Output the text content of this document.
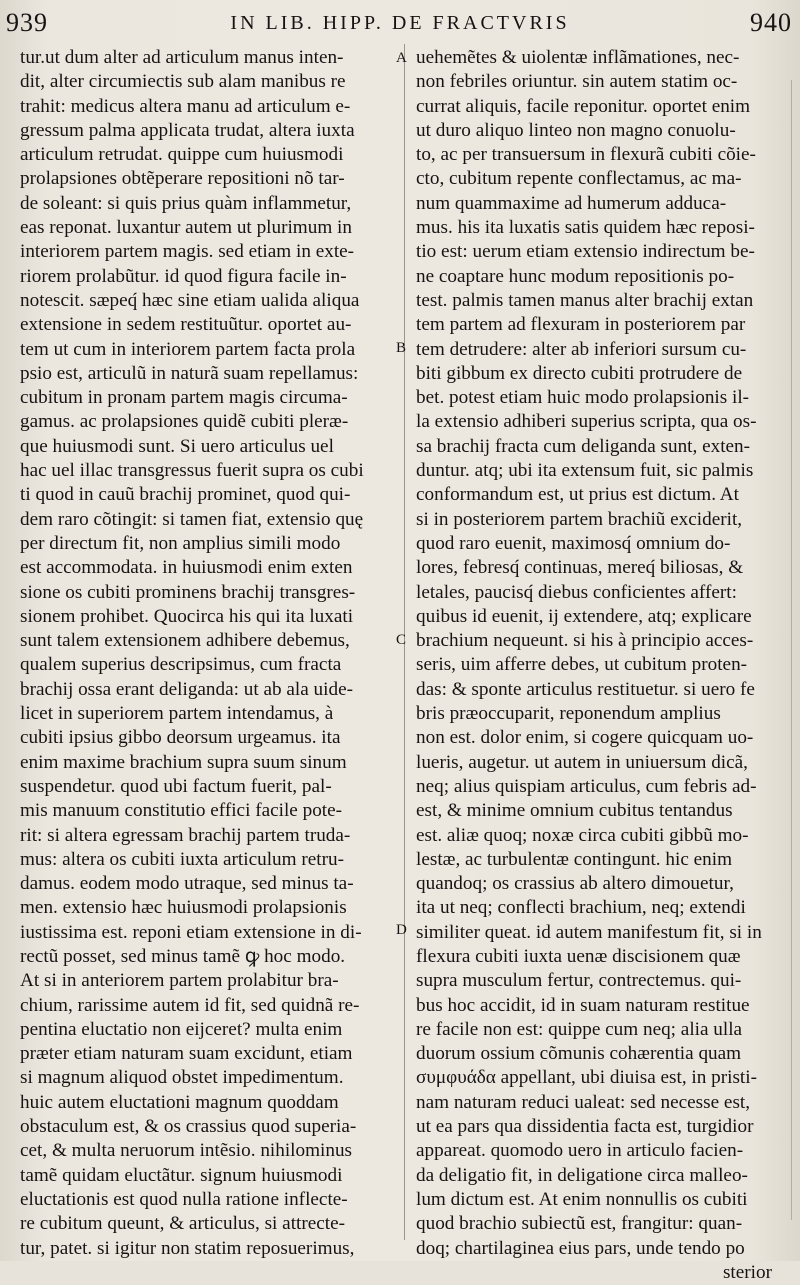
939	IN LIB. HIPP. DE FRACTVRIS	940
A
B
C
D
tur.ut dum alter ad articulum manus inten-
dit, alter circumiectis sub alam manibus re
trahit: medicus altera manu ad articulum e-
gressum palma applicata trudat, altera iuxta
articulum retrudat. quippe cum huiusmodi
prolapsiones obtẽperare repositioni nõ tar-
de soleant: si quis prius quàm inflammetur,
eas reponat. luxantur autem ut plurimum in
interiorem partem magis. sed etiam in exte-
riorem prolabũtur. id quod figura facile in-
notescit. sæpeq́ hæc sine etiam ualida aliqua
extensione in sedem restituũtur. oportet au-
tem ut cum in interiorem partem facta prola
psio est, articulũ in naturã suam repellamus:
cubitum in pronam partem magis circuma-
gamus. ac prolapsiones quidẽ cubiti pleræ-
que huiusmodi sunt. Si uero articulus uel
hac uel illac transgressus fuerit supra os cubi
ti quod in cauũ brachij prominet, quod qui-
dem raro cõtingit: si tamen fiat, extensio quę
per directum fit, non amplius simili modo
est accommodata. in huiusmodi enim exten
sione os cubiti prominens brachij transgres-
sionem prohibet. Quocirca his qui ita luxati
sunt talem extensionem adhibere debemus,
qualem superius descripsimus, cum fracta
brachij ossa erant deliganda: ut ab ala uide-
licet in superiorem partem intendamus, à
cubiti ipsius gibbo deorsum urgeamus. ita
enim maxime brachium supra suum sinum
suspendetur. quod ubi factum fuerit, pal-
mis manuum constitutio effici facile pote-
rit: si altera egressam brachij partem truda-
mus: altera os cubiti iuxta articulum retru-
damus. eodem modo utraque, sed minus ta-
men. extensio hæc huiusmodi prolapsionis
iustissima est. reponi etiam extensione in di-
rectũ posset, sed minus tamẽ ꝙ hoc modo.
At si in anteriorem partem prolabitur bra-
chium, rarissime autem id fit, sed quidnã re-
pentina eluctatio non eijceret? multa enim
præter etiam naturam suam excidunt, etiam
si magnum aliquod obstet impedimentum.
huic autem eluctationi magnum quoddam
obstaculum est, & os crassius quod superia-
cet, & multa neruorum intẽsio. nihilominus
tamẽ quidam eluctãtur. signum huiusmodi
eluctationis est quod nulla ratione inflecte-
re cubitum queunt, & articulus, si attrecte-
tur, patet. si igitur non statim reposuerimus,
uehemẽtes & uiolentæ inflãmationes, nec-
non febriles oriuntur. sin autem statim oc-
currat aliquis, facile reponitur. oportet enim
ut duro aliquo linteo non magno conuolu-
to, ac per transuersum in flexurã cubiti cõie-
cto, cubitum repente conflectamus, ac ma-
num quammaxime ad humerum adduca-
mus. his ita luxatis satis quidem hæc reposi-
tio est: uerum etiam extensio indirectum be-
ne coaptare hunc modum repositionis po-
test. palmis tamen manus alter brachij extan
tem partem ad flexuram in posteriorem par
tem detrudere: alter ab inferiori sursum cu-
biti gibbum ex directo cubiti protrudere de
bet. potest etiam huic modo prolapsionis il-
la extensio adhiberi superius scripta, qua os-
sa brachij fracta cum deliganda sunt, exten-
duntur. atq; ubi ita extensum fuit, sic palmis
conformandum est, ut prius est dictum. At
si in posteriorem partem brachiũ exciderit,
quod raro euenit, maximosq́ omnium do-
lores, febresq́ continuas, mereq́ biliosas, &
letales, paucisq́ diebus conficientes affert:
quibus id euenit, ij extendere, atq; explicare
brachium nequeunt. si his à principio acces-
seris, uim afferre debes, ut cubitum proten-
das: & sponte articulus restituetur. si uero fe
bris præoccuparit, reponendum amplius
non est. dolor enim, si cogere quicquam uo-
lueris, augetur. ut autem in uniuersum dicã,
neq; alius quispiam articulus, cum febris ad-
est, & minime omnium cubitus tentandus
est. aliæ quoq; noxæ circa cubiti gibbũ mo-
lestæ, ac turbulentæ contingunt. hic enim
quandoq; os crassius ab altero dimouetur,
ita ut neq; conflecti brachium, neq; extendi
similiter queat. id autem manifestum fit, si in
flexura cubiti iuxta uenæ discisionem quæ
supra musculum fertur, contrectemus. qui-
bus hoc accidit, id in suam naturam restitue
re facile non est: quippe cum neq; alia ulla
duorum ossium cõmunis cohærentia quam
συμφυάδα appellant, ubi diuisa est, in pristi-
nam naturam reduci ualeat: sed necesse est,
ut ea pars qua dissidentia facta est, turgidior
appareat. quomodo uero in articulo facien-
da deligatio fit, in deligatione circa malleo-
lum dictum est. At enim nonnullis os cubiti
quod brachio subiectũ est, frangitur: quan-
doq; chartilaginea eius pars, unde tendo po
sterior
